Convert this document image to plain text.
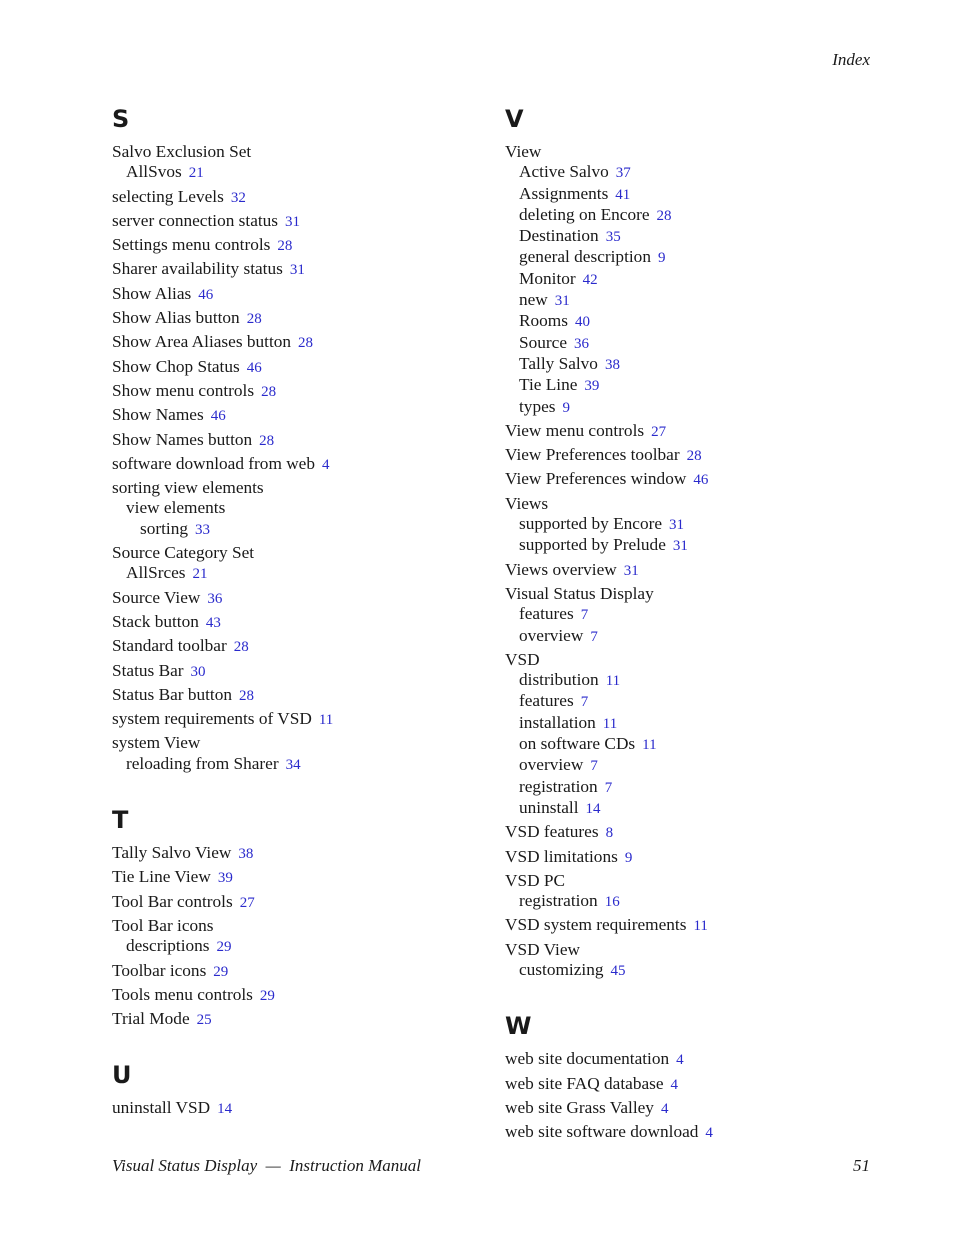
Index
S
Salvo Exclusion Set
AllSvos 21
selecting Levels 32
server connection status 31
Settings menu controls 28
Sharer availability status 31
Show Alias 46
Show Alias button 28
Show Area Aliases button 28
Show Chop Status 46
Show menu controls 28
Show Names 46
Show Names button 28
software download from web 4
sorting view elements
view elements
sorting 33
Source Category Set
AllSrces 21
Source View 36
Stack button 43
Standard toolbar 28
Status Bar 30
Status Bar button 28
system requirements of VSD 11
system View
reloading from Sharer 34
T
Tally Salvo View 38
Tie Line View 39
Tool Bar controls 27
Tool Bar icons
descriptions 29
Toolbar icons 29
Tools menu controls 29
Trial Mode 25
U
uninstall VSD 14
V
View
Active Salvo 37
Assignments 41
deleting on Encore 28
Destination 35
general description 9
Monitor 42
new 31
Rooms 40
Source 36
Tally Salvo 38
Tie Line 39
types 9
View menu controls 27
View Preferences toolbar 28
View Preferences window 46
Views
supported by Encore 31
supported by Prelude 31
Views overview 31
Visual Status Display
features 7
overview 7
VSD
distribution 11
features 7
installation 11
on software CDs 11
overview 7
registration 7
uninstall 14
VSD features 8
VSD limitations 9
VSD PC
registration 16
VSD system requirements 11
VSD View
customizing 45
W
web site documentation 4
web site FAQ database 4
web site Grass Valley 4
web site software download 4
Visual Status Display  —  Instruction Manual	51
